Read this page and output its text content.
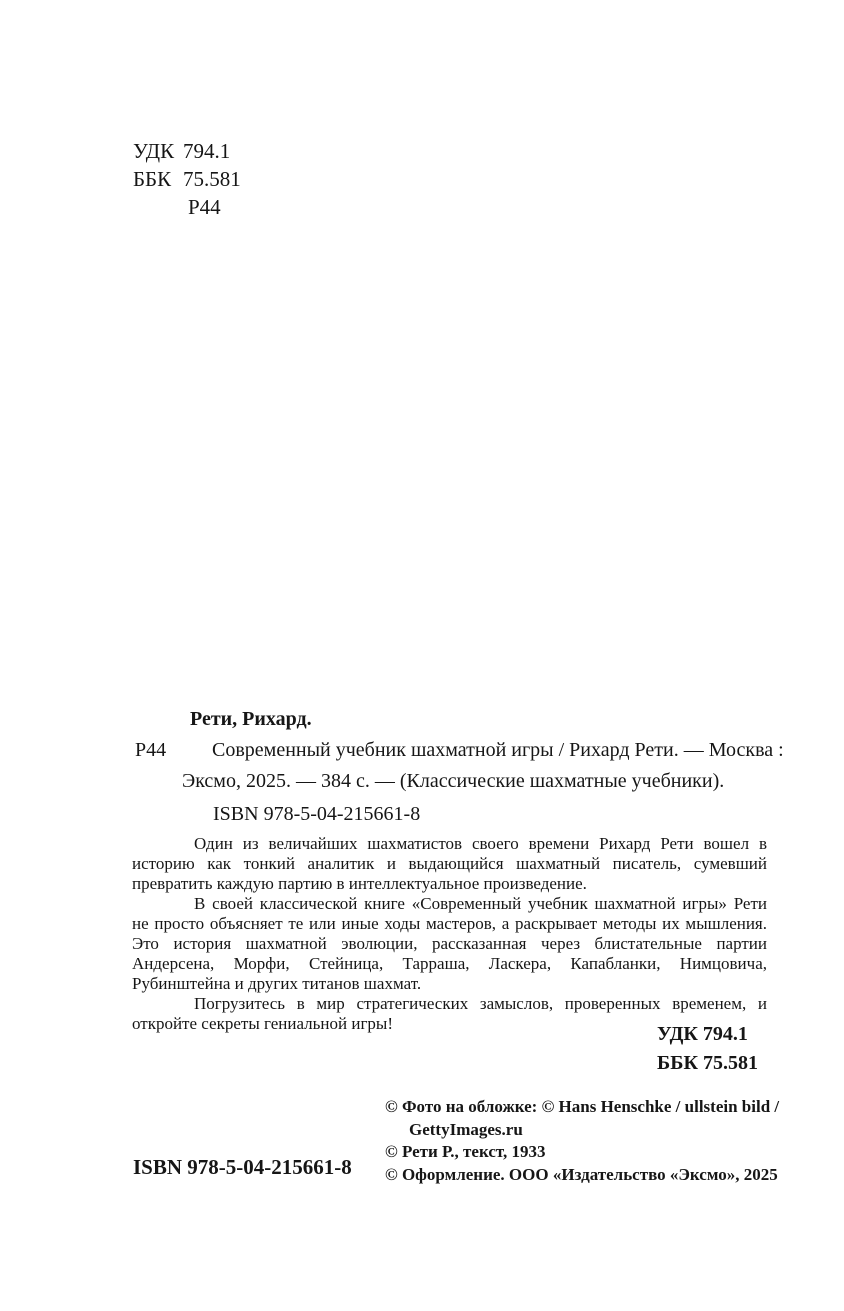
УДК 794.1
ББК 75.581
Р44

Рети, Рихард.

Р44	Современный учебник шахматной игры / Рихард Рети. — Москва :

Эксмо, 2025. — 384 с. — (Классические шахматные учебники).

ISBN 978-5-04-215661-8

Один из величайших шахматистов своего времени Рихард Рети вошел в историю как тонкий аналитик и выдающийся шахматный писатель, сумевший превратить каждую партию в интеллектуальное произведение.

В своей классической книге «Современный учебник шахматной игры» Рети не просто объясняет те или иные ходы мастеров, а раскрывает методы их мышления. Это история шахматной эволюции, рассказанная через блистательные партии Андерсена, Морфи, Стейница, Тарраша, Ласкера, Капабланки, Нимцовича, Рубинштейна и других титанов шахмат.

Погрузитесь в мир стратегических замыслов, проверенных временем, и откройте секреты гениальной игры!	УДК 794.1
ББК 75.581

ISBN 978-5-04-215661-8

© Фото на обложке: © Hans Henschke / ullstein bild /

GettyImages.ru

© Рети Р., текст, 1933

© Оформление. ООО «Издательство «Эксмо», 2025
